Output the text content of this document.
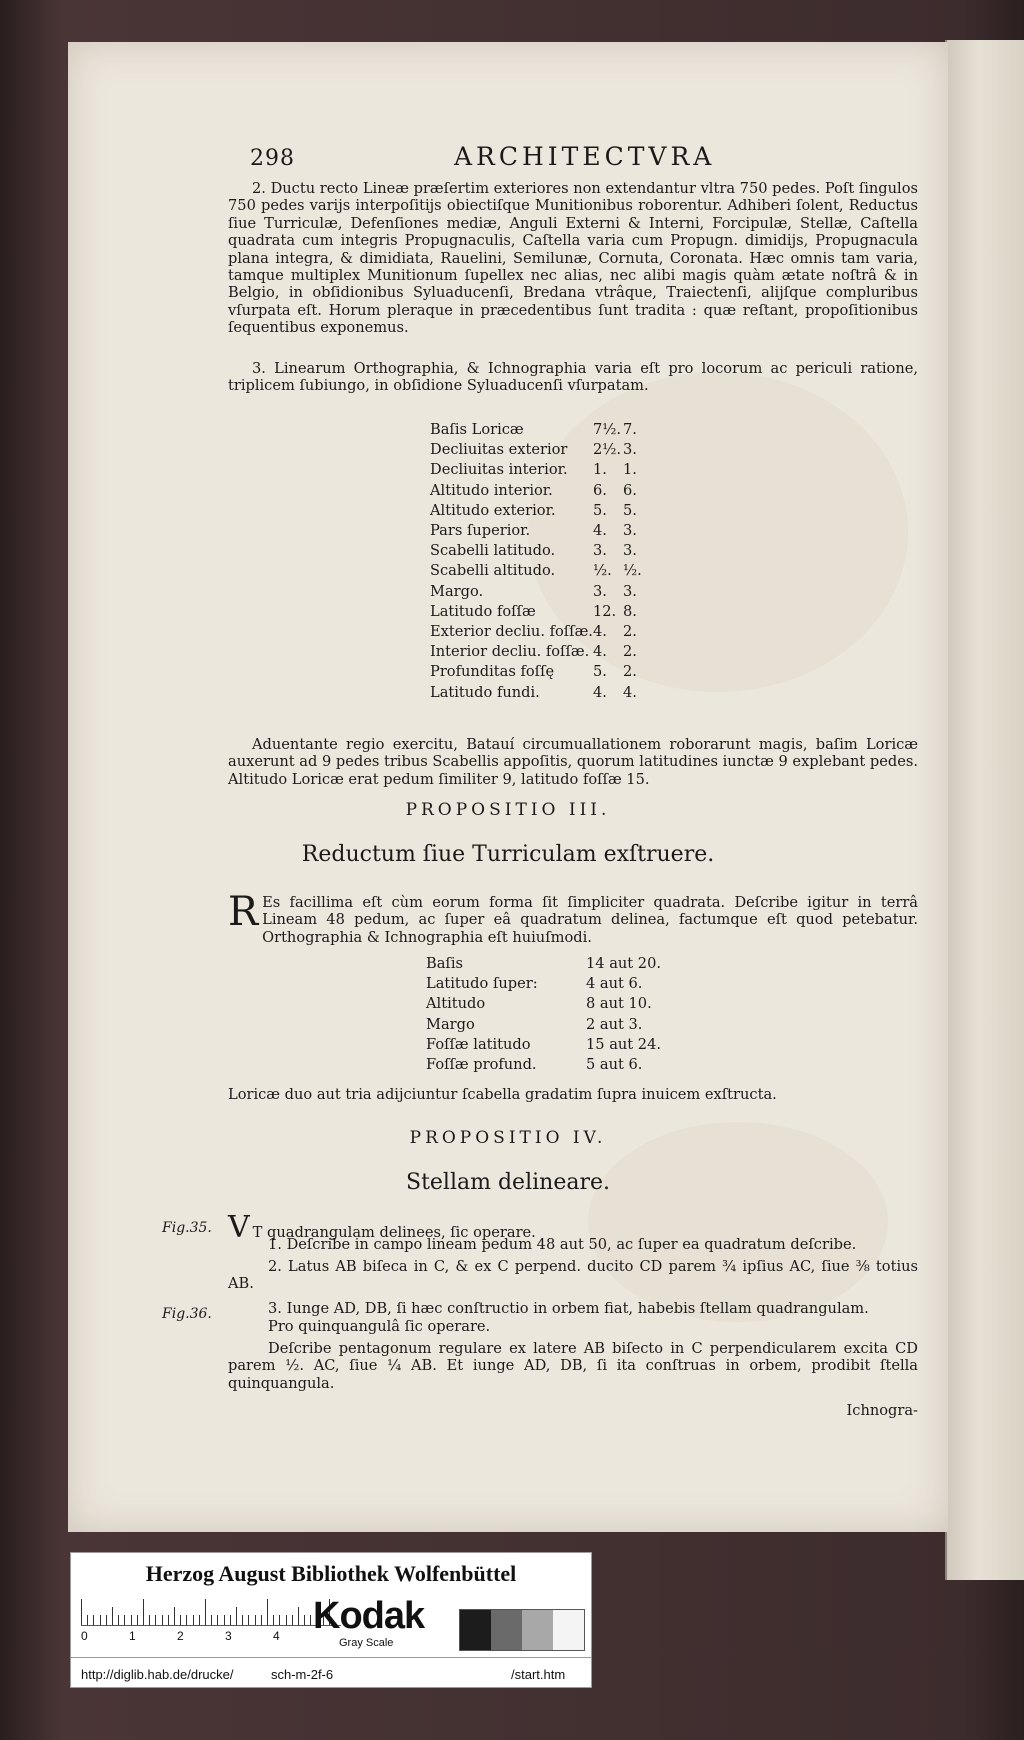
298	ARCHITECTVRA
2. Ductu recto Lineæ præſertim exteriores non extendantur vltra 750 pedes. Poſt ſingulos 750 pedes varijs interpoſitijs obiectiſque Munitionibus roborentur. Adhiberi ſolent, Reductus ſiue Turriculæ, Defenſiones mediæ, Anguli Externi & Interni, Forcipulæ, Stellæ, Caſtella quadrata cum integris Propugnaculis, Caſtella varia cum Propugn. dimidijs, Propugnacula plana integra, & dimidiata, Rauelini, Semilunæ, Cornuta, Coronata. Hæc omnis tam varia, tamque multiplex Munitionum ſupellex nec alias, nec alibi magis quàm ætate noſtrâ & in Belgio, in obſidionibus Syluaducenſi, Bredana vtrâque, Traiectenſi, alijſque compluribus vſurpata eſt. Horum pleraque in præcedentibus ſunt tradita : quæ reſtant, propoſitionibus ſequentibus exponemus.
3. Linearum Orthographia, & Ichnographia varia eſt pro locorum ac periculi ratione, triplicem ſubiungo, in obſidione Syluaducenſi vſurpatam.
Baſis Loricæ	7½.	7.
Decliuitas exterior	2½.	3.
Decliuitas interior.	1.	1.
Altitudo interior.	6.	6.
Altitudo exterior.	5.	5.
Pars ſuperior.	4.	3.
Scabelli latitudo.	3.	3.
Scabelli altitudo.	½.	½.
Margo.	3.	3.
Latitudo foſſæ	12.	8.
Exterior decliu. foſſæ.	4.	2.
Interior decliu. foſſæ.	4.	2.
Profunditas foſſę	5.	2.
Latitudo fundi.	4.	4.
Aduentante regio exercitu, Batauí circumuallationem roborarunt magis, baſim Loricæ auxerunt ad 9 pedes tribus Scabellis appoſitis, quorum latitudines iunctæ 9 explebant pedes. Altitudo Loricæ erat pedum ſimiliter 9, latitudo foſſæ 15.
PROPOSITIO III.
Reductum ſiue Turriculam exſtruere.
R Es facillima eſt cùm eorum forma ſit ſimpliciter quadrata. Deſcribe igitur in terrâ Lineam 48 pedum, ac ſuper eâ quadratum delinea, factumque eſt quod petebatur. Orthographia & Ichnographia eſt huiuſmodi.
Baſis	14 aut 20.
Latitudo ſuper:	4 aut 6.
Altitudo	8 aut 10.
Margo	2 aut 3.
Foſſæ latitudo	15 aut 24.
Foſſæ profund.	5 aut 6.
Loricæ duo aut tria adijciuntur ſcabella gradatim ſupra inuicem exſtructa.
PROPOSITIO IV.
Stellam delineare.
Fig.35.
Fig.36.
V T quadrangulam delinees, ſic operare.
1. Deſcribe in campo lineam pedum 48 aut 50, ac ſuper ea quadratum deſcribe.
2. Latus AB biſeca in C, & ex C perpend. ducito CD parem ¾ ipſius AC, ſiue ⅜ totius AB.
3. Iunge AD, DB, ſi hæc conſtructio in orbem fiat, habebis ſtellam quadrangulam.
Pro quinquangulâ ſic operare.
Deſcribe pentagonum regulare ex latere AB biſecto in C perpendicularem excita CD parem ½. AC, ſiue ¼ AB. Et iunge AD, DB, ſi ita conſtruas in orbem, prodibit ſtella quinquangula.
Ichnogra-
Herzog August Bibliothek Wolfenbüttel
0	1	2	3	4 Kodak
Gray Scale
http://diglib.hab.de/drucke/	sch-m-2f-6	/start.htm
